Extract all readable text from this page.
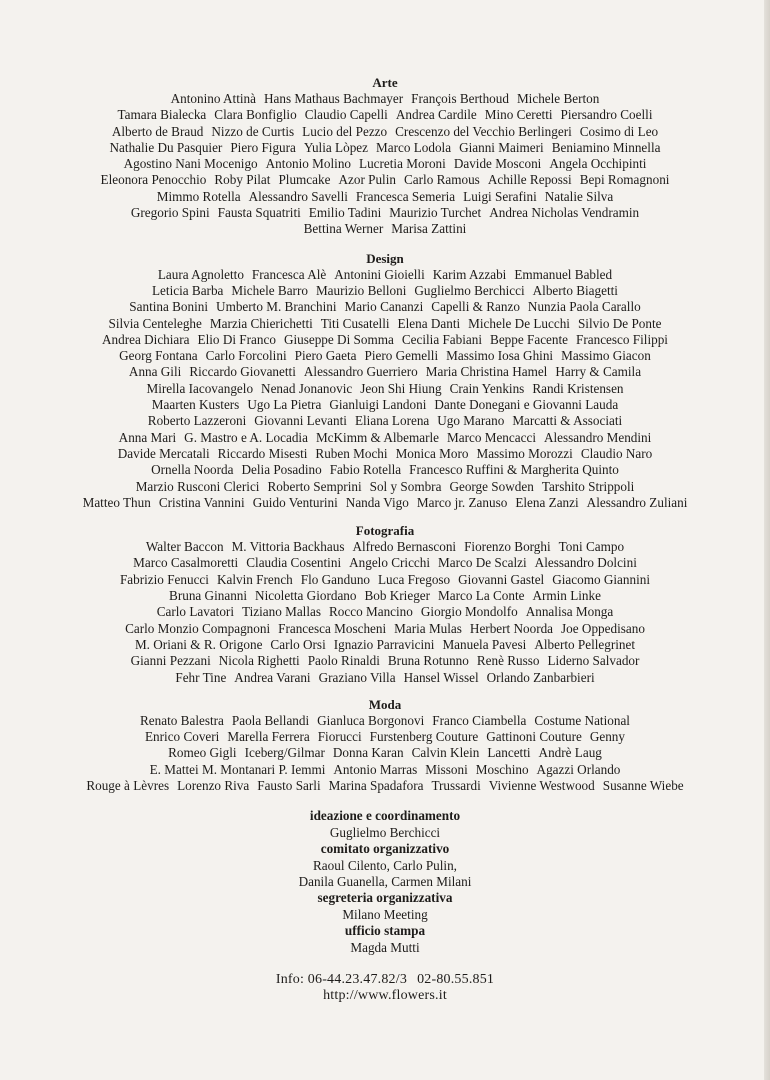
Arte
Antonino Attinà Hans Mathaus Bachmayer François Berthoud Michele Berton
Tamara Bialecka Clara Bonfiglio Claudio Capelli Andrea Cardile Mino Ceretti Piersandro Coelli
Alberto de Braud Nizzo de Curtis Lucio del Pezzo Crescenzo del Vecchio Berlingeri Cosimo di Leo
Nathalie Du Pasquier Piero Figura Yulia Lòpez Marco Lodola Gianni Maimeri Beniamino Minnella
Agostino Nani Mocenigo Antonio Molino Lucretia Moroni Davide Mosconi Angela Occhipinti
Eleonora Penocchio Roby Pilat Plumcake Azor Pulin Carlo Ramous Achille Repossi Bepi Romagnoni
Mimmo Rotella Alessandro Savelli Francesca Semeria Luigi Serafini Natalie Silva
Gregorio Spini Fausta Squatriti Emilio Tadini Maurizio Turchet Andrea Nicholas Vendramin
Bettina Werner Marisa Zattini
Design
Laura Agnoletto Francesca Alè Antonini Gioielli Karim Azzabi Emmanuel Babled
Leticia Barba Michele Barro Maurizio Belloni Guglielmo Berchicci Alberto Biagetti
Santina Bonini Umberto M. Branchini Mario Cananzi Capelli & Ranzo Nunzia Paola Carallo
Silvia Centeleghe Marzia Chierichetti Titi Cusatelli Elena Danti Michele De Lucchi Silvio De Ponte
Andrea Dichiara Elio Di Franco Giuseppe Di Somma Cecilia Fabiani Beppe Facente Francesco Filippi
Georg Fontana Carlo Forcolini Piero Gaeta Piero Gemelli Massimo Iosa Ghini Massimo Giacon
Anna Gili Riccardo Giovanetti Alessandro Guerriero Maria Christina Hamel Harry & Camila
Mirella Iacovangelo Nenad Jonanovic Jeon Shi Hiung Crain Yenkins Randi Kristensen
Maarten Kusters Ugo La Pietra Gianluigi Landoni Dante Donegani e Giovanni Lauda
Roberto Lazzeroni Giovanni Levanti Eliana Lorena Ugo Marano Marcatti & Associati
Anna Mari G. Mastro e A. Locadia McKimm & Albemarle Marco Mencacci Alessandro Mendini
Davide Mercatali Riccardo Misesti Ruben Mochi Monica Moro Massimo Morozzi Claudio Naro
Ornella Noorda Delia Posadino Fabio Rotella Francesco Ruffini & Margherita Quinto
Marzio Rusconi Clerici Roberto Semprini Sol y Sombra George Sowden Tarshito Strippoli
Matteo Thun Cristina Vannini Guido Venturini Nanda Vigo Marco jr. Zanuso Elena Zanzi Alessandro Zuliani
Fotografia
Walter Baccon M. Vittoria Backhaus Alfredo Bernasconi Fiorenzo Borghi Toni Campo
Marco Casalmoretti Claudia Cosentini Angelo Cricchi Marco De Scalzi Alessandro Dolcini
Fabrizio Fenucci Kalvin French Flo Ganduno Luca Fregoso Giovanni Gastel Giacomo Giannini
Bruna Ginanni Nicoletta Giordano Bob Krieger Marco La Conte Armin Linke
Carlo Lavatori Tiziano Mallas Rocco Mancino Giorgio Mondolfo Annalisa Monga
Carlo Monzio Compagnoni Francesca Moscheni Maria Mulas Herbert Noorda Joe Oppedisano
M. Oriani & R. Origone Carlo Orsi Ignazio Parravicini Manuela Pavesi Alberto Pellegrinet
Gianni Pezzani Nicola Righetti Paolo Rinaldi Bruna Rotunno Renè Russo Liderno Salvador
Fehr Tine Andrea Varani Graziano Villa Hansel Wissel Orlando Zanbarbieri
Moda
Renato Balestra Paola Bellandi Gianluca Borgonovi Franco Ciambella Costume National
Enrico Coveri Marella Ferrera Fiorucci Furstenberg Couture Gattinoni Couture Genny
Romeo Gigli Iceberg/Gilmar Donna Karan Calvin Klein Lancetti Andrè Laug
E. Mattei M. Montanari P. Iemmi Antonio Marras Missoni Moschino Agazzi Orlando
Rouge à Lèvres Lorenzo Riva Fausto Sarli Marina Spadafora Trussardi Vivienne Westwood Susanne Wiebe
ideazione e coordinamento
Guglielmo Berchicci
comitato organizzativo
Raoul Cilento, Carlo Pulin,
Danila Guanella, Carmen Milani
segreteria organizzativa
Milano Meeting
ufficio stampa
Magda Mutti
Info: 06-44.23.47.82/3 02-80.55.851
http://www.flowers.it
